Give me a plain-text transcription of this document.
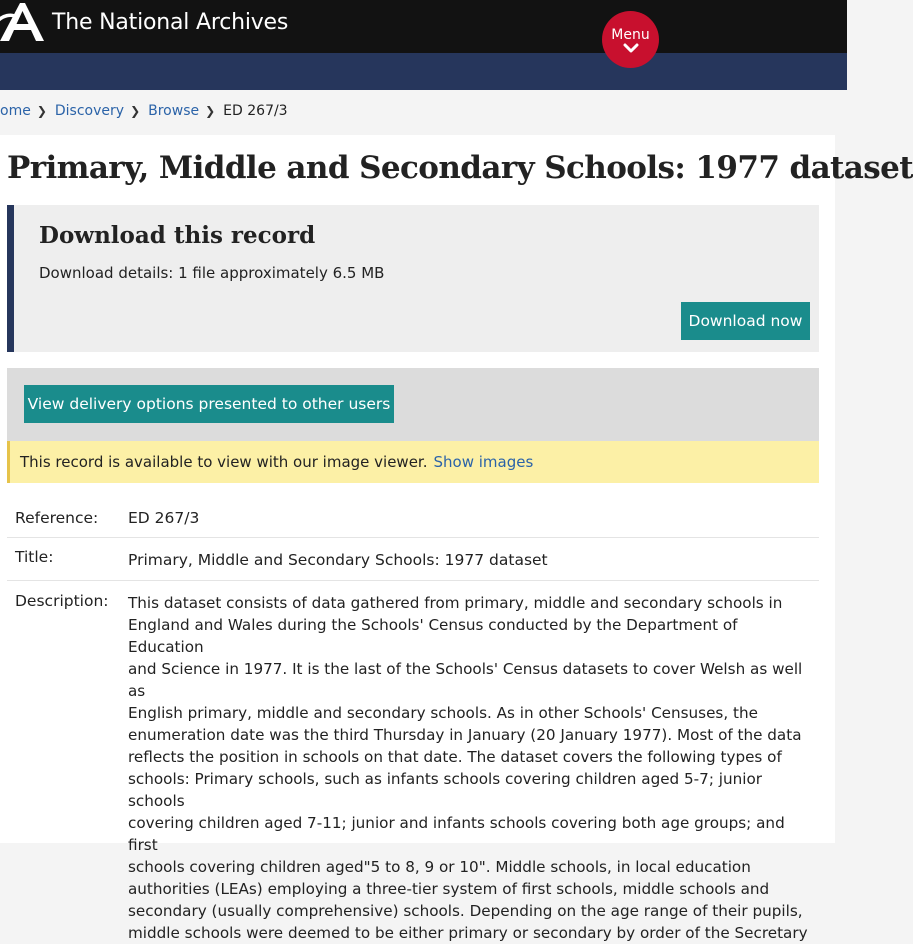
The National Archives
Menu
ome ❯ Discovery ❯ Browse ❯ ED 267/3
Primary, Middle and Secondary Schools: 1977 dataset
Download this record

Download details: 1 file approximately 6.5 MB

Download now
View delivery options presented to other users
This record is available to view with our image viewer. Show images
Reference:	ED 267/3
Title:	Primary, Middle and Secondary Schools: 1977 dataset
Description:	This dataset consists of data gathered from primary, middle and secondary schools in
England and Wales during the Schools' Census conducted by the Department of Education
and Science in 1977. It is the last of the Schools' Census datasets to cover Welsh as well as
English primary, middle and secondary schools. As in other Schools' Censuses, the
enumeration date was the third Thursday in January (20 January 1977). Most of the data
reflects the position in schools on that date. The dataset covers the following types of
schools: Primary schools, such as infants schools covering children aged 5-7; junior schools
covering children aged 7-11; junior and infants schools covering both age groups; and first
schools covering children aged"5 to 8, 9 or 10". Middle schools, in local education
authorities (LEAs) employing a three-tier system of first schools, middle schools and
secondary (usually comprehensive) schools. Depending on the age range of their pupils,
middle schools were deemed to be either primary or secondary by order of the Secretary
